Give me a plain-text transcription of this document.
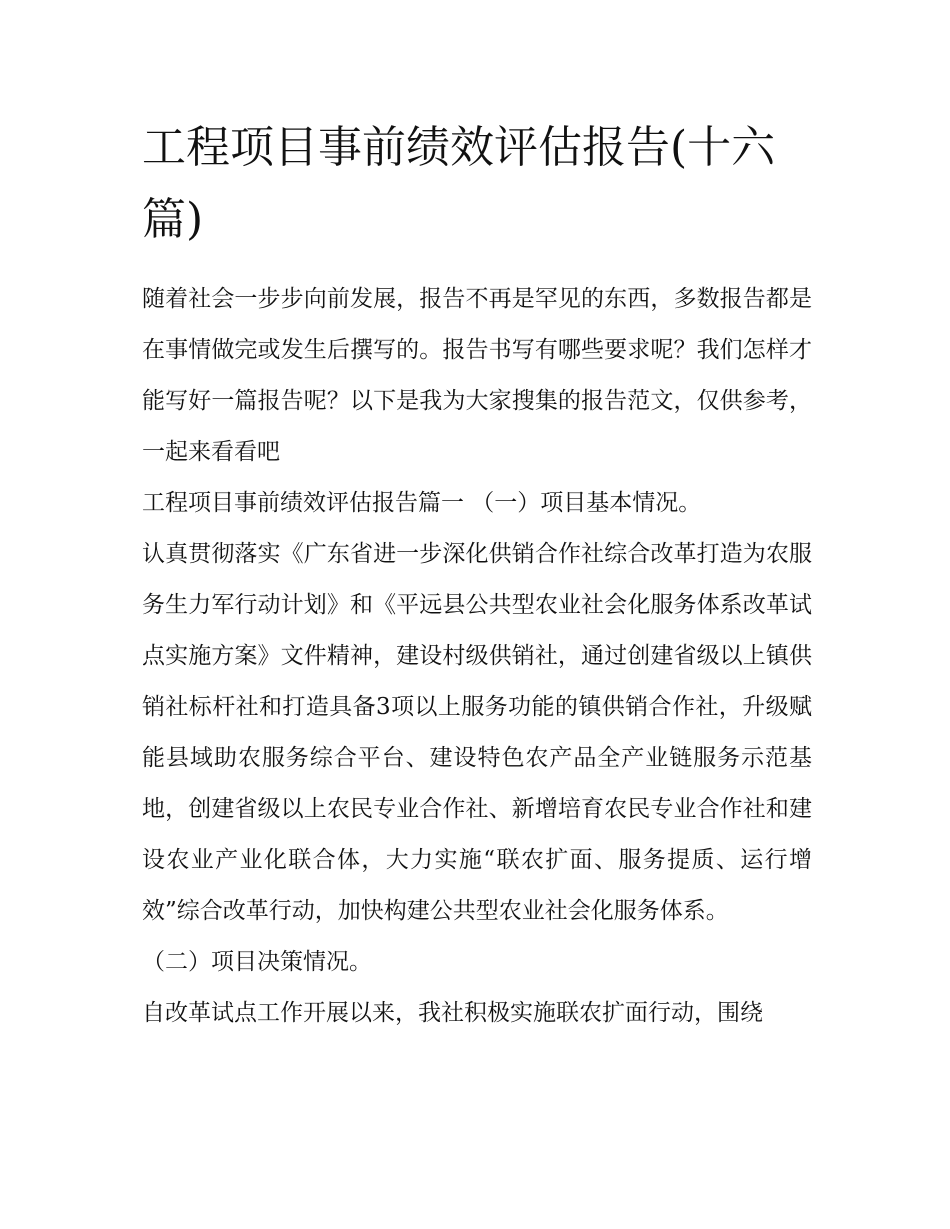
工程项目事前绩效评估报告(十六篇)

随着社会一步步向前发展，报告不再是罕见的东西，多数报告都是在事情做完或发生后撰写的。报告书写有哪些要求呢？我们怎样才能写好一篇报告呢？以下是我为大家搜集的报告范文，仅供参考，一起来看看吧

工程项目事前绩效评估报告篇一 （一）项目基本情况。

认真贯彻落实《广东省进一步深化供销合作社综合改革打造为农服务生力军行动计划》和《平远县公共型农业社会化服务体系改革试点实施方案》文件精神，建设村级供销社，通过创建省级以上镇供销社标杆社和打造具备3项以上服务功能的镇供销合作社，升级赋能县域助农服务综合平台、建设特色农产品全产业链服务示范基地，创建省级以上农民专业合作社、新增培育农民专业合作社和建设农业产业化联合体，大力实施“联农扩面、服务提质、运行增效”综合改革行动，加快构建公共型农业社会化服务体系。

（二）项目决策情况。

自改革试点工作开展以来，我社积极实施联农扩面行动，围绕
